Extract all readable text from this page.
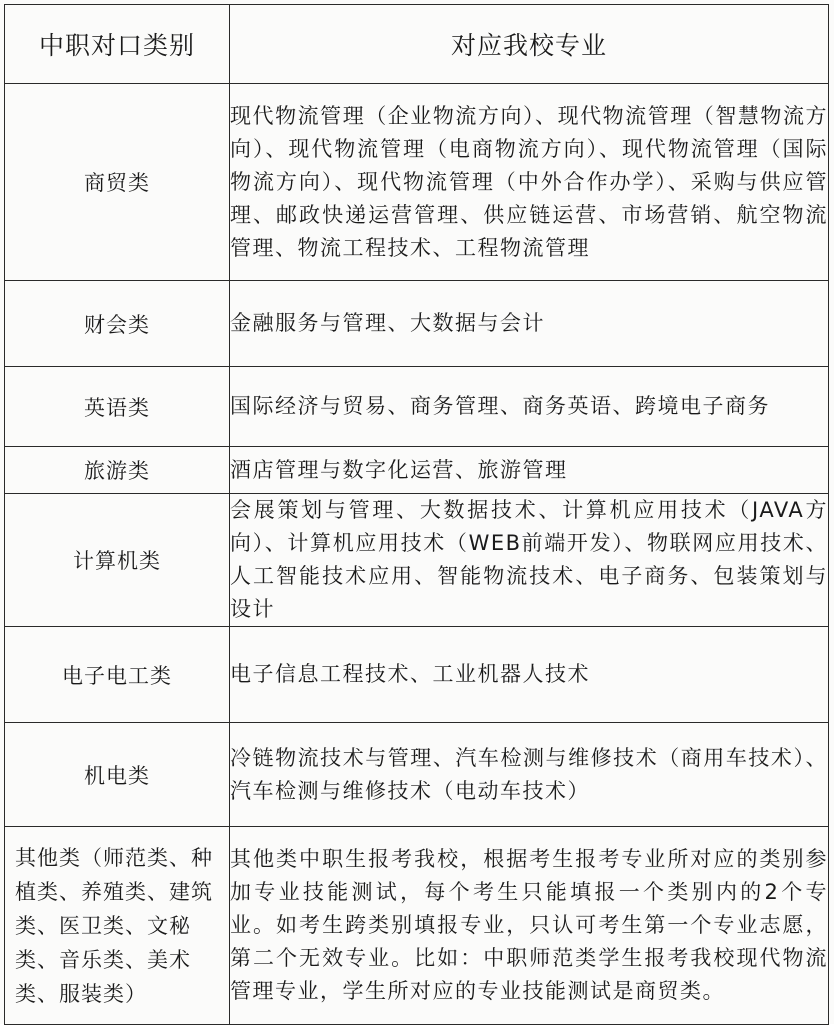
中职对口类别	对应我校专业
商贸类	现代物流管理（企业物流方向）、现代物流管理（智慧物流方向）、现代物流管理（电商物流方向）、现代物流管理（国际物流方向）、现代物流管理（中外合作办学）、采购与供应管理、邮政快递运营管理、供应链运营、市场营销、航空物流管理、物流工程技术、工程物流管理
财会类	金融服务与管理、大数据与会计
英语类	国际经济与贸易、商务管理、商务英语、跨境电子商务
旅游类	酒店管理与数字化运营、旅游管理
计算机类	会展策划与管理、大数据技术、计算机应用技术（JAVA方向）、计算机应用技术（WEB前端开发）、物联网应用技术、人工智能技术应用、智能物流技术、电子商务、包装策划与设计
电子电工类	电子信息工程技术、工业机器人技术
机电类	冷链物流技术与管理、汽车检测与维修技术（商用车技术）、汽车检测与维修技术（电动车技术）
其他类（师范类、种植类、养殖类、建筑类、医卫类、文秘类、音乐类、美术类、服装类）	其他类中职生报考我校，根据考生报考专业所对应的类别参加专业技能测试，每个考生只能填报一个类别内的2个专业。如考生跨类别填报专业，只认可考生第一个专业志愿，第二个无效专业。比如：中职师范类学生报考我校现代物流管理专业，学生所对应的专业技能测试是商贸类。
